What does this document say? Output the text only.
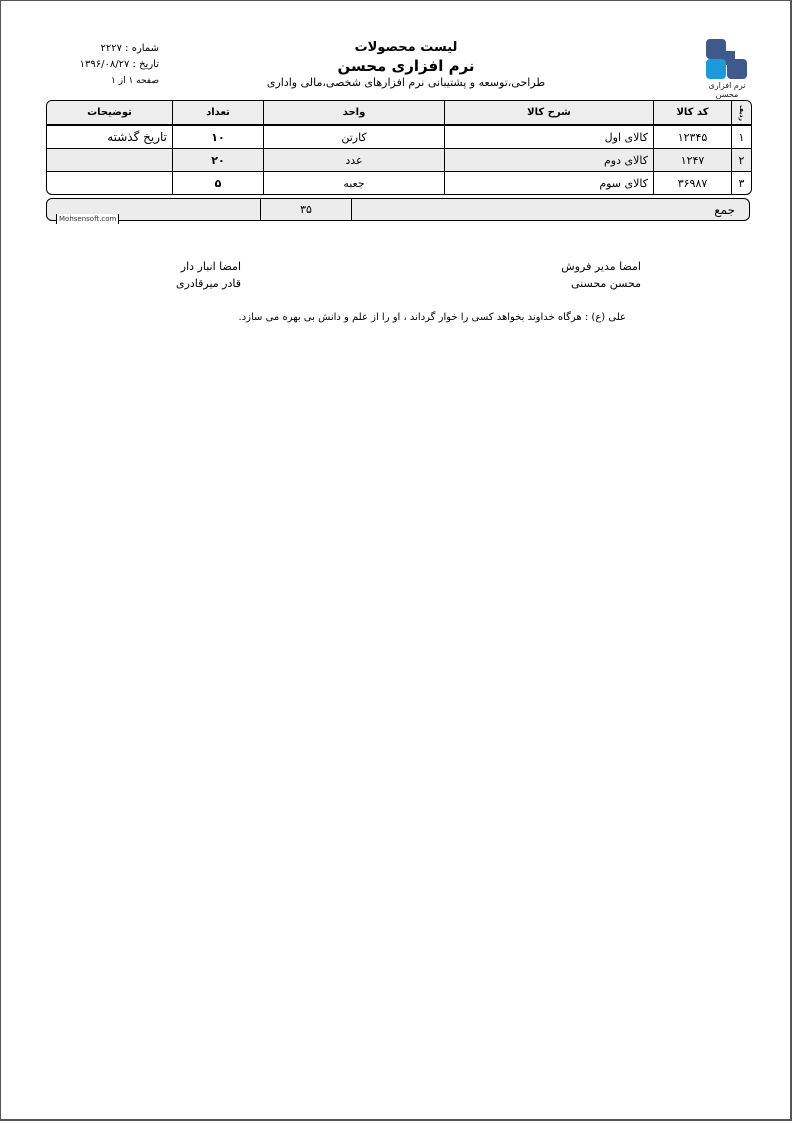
شماره : ۲۲۲۷
تاریخ : ۱۳۹۶/۰۸/۲۷
صفحه ۱ از ۱
لیست محصولات
نرم افزاری محسن
طراحی،توسعه و پشتیبانی نرم افزارهای شخصی،مالی واداری	نرم افزاری محسن
ردیف
کد کالا
شرح کالا
واحد
تعداد
توضیحات
۱
۱۲۳۴۵
کالای اول
کارتن
۱۰
تاریخ گذشته
۲
۱۲۴۷
کالای دوم
عدد
۲۰
۳
۳۶۹۸۷
کالای سوم
جعبه
۵
جمع
۳۵
Mohsensoft.com
امضا مدیر فروش
محسن محسنی
امضا انبار دار
قادر میرقادری
علی (ع) : هرگاه خداوند بخواهد کسی را خوار گرداند ، او را از علم و دانش بی بهره می سازد.
